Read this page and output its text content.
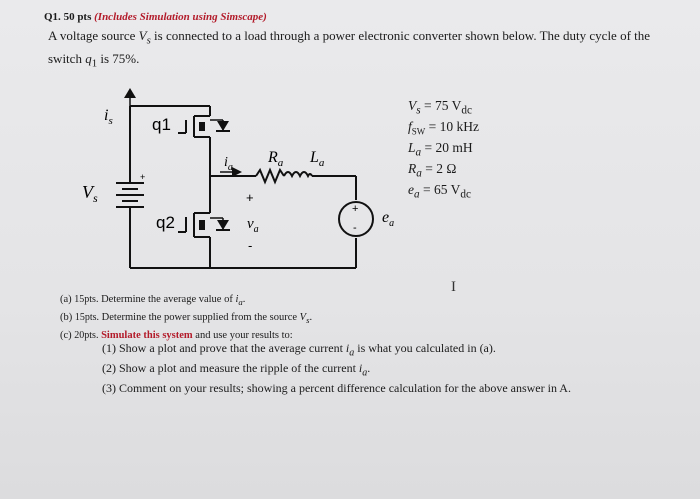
Q1. 50 pts (Includes Simulation using Simscape)
A voltage source $V_s$ is connected to a load through a power electronic converter shown below. The duty cycle of the switch $q_1$ is 75%.
$i_s$ q1
q2
$i_a$
$R_a$ $L_a$
$V_s$
+
+
$v_a$
-
+
-
$e_a$
$V_s = 75$ $V_{dc}$
$f_{SW} = 10$ kHz
$L_a = 20$ mH
$R_a = 2$ Ω
$e_a = 65$ $V_{dc}$
I
(a) 15pts. Determine the average value of $i_a$.
(b) 15pts. Determine the power supplied from the source $V_s$.
(c) 20pts. Simulate this system and use your results to:
(1) Show a plot and prove that the average current $i_a$ is what you calculated in (a).
(2) Show a plot and measure the ripple of the current $i_a$.
(3) Comment on your results; showing a percent difference calculation for the above answer in A.
